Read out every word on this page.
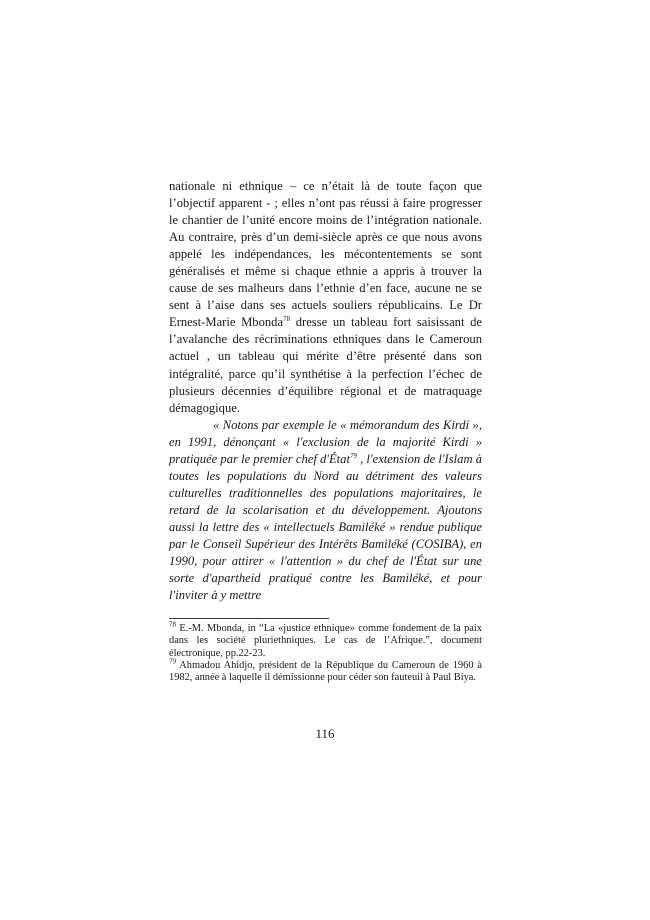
nationale ni ethnique – ce n’était là de toute façon que l’objectif apparent - ; elles n’ont pas réussi à faire progresser le chantier de l’unité encore moins de l’intégration nationale. Au contraire, près d’un demi-siècle après ce que nous avons appelé les indépendances, les mécontentements se sont généralisés et même si chaque ethnie a appris à trouver la cause de ses malheurs dans l’ethnie d’en face, aucune ne se sent à l’aise dans ses actuels souliers républicains. Le Dr Ernest-Marie Mbonda$^{78}$ dresse un tableau fort saisissant de l’avalanche des récriminations ethniques dans le Cameroun actuel , un tableau qui mérite d’être présenté dans son intégralité, parce qu’il synthétise à la perfection l’échec de plusieurs décennies d’équilibre régional et de matraquage démagogique.

« Notons par exemple le « mémorandum des Kirdi », en 1991, dénonçant « l'exclusion de la majorité Kirdi » pratiquée par le premier chef d'État$^{79}$ , l'extension de l'Islam à toutes les populations du Nord au détriment des valeurs culturelles traditionnelles des populations majoritaires, le retard de la scolarisation et du développement. Ajoutons aussi la lettre des « intellectuels Bamiléké » rendue publique par le Conseil Supérieur des Intérêts Bamiléké (COSIBA), en 1990, pour attirer « l'attention » du chef de l'État sur une sorte d'apartheid pratiqué contre les Bamiléké, et pour l'inviter à y mettre

$^{78}$ E.-M. Mbonda, in “La «justice ethnique» comme fondement de la paix dans les société pluriethniques. Le cas de l’Afrique.”, document électronique, pp.22-23.

$^{79}$ Ahmadou Ahidjo, président de la République du Cameroun de 1960 à 1982, année à laquelle il démissionne pour céder son fauteuil à Paul Biya.

116
